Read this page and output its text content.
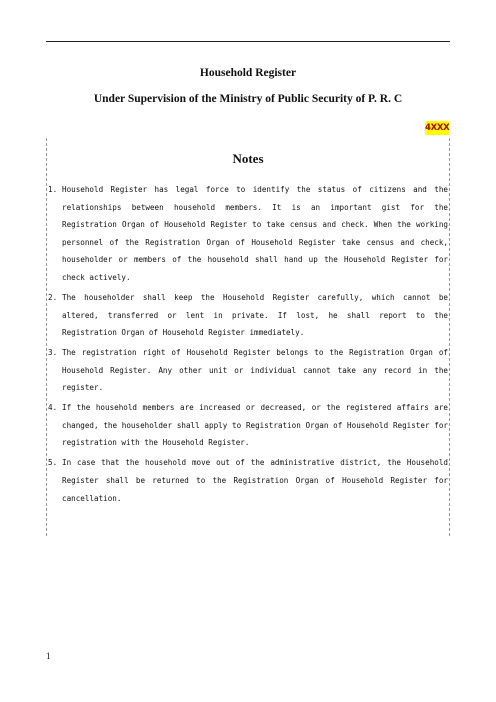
Household Register
Under Supervision of the Ministry of Public Security of P. R. C
4XXX
Notes
1. Household Register has legal force to identify the status of citizens and the relationships between household members. It is an important gist for the Registration Organ of Household Register to take census and check. When the working personnel of the Registration Organ of Household Register take census and check, householder or members of the household shall hand up the Household Register for check actively.
2. The householder shall keep the Household Register carefully, which cannot be altered, transferred or lent in private. If lost, he shall report to the Registration Organ of Household Register immediately.
3. The registration right of Household Register belongs to the Registration Organ of Household Register. Any other unit or individual cannot take any record in the register.
4. If the household members are increased or decreased, or the registered affairs are changed, the householder shall apply to Registration Organ of Household Register for registration with the Household Register.
5. In case that the household move out of the administrative district, the Household Register shall be returned to the Registration Organ of Household Register for cancellation.
1
